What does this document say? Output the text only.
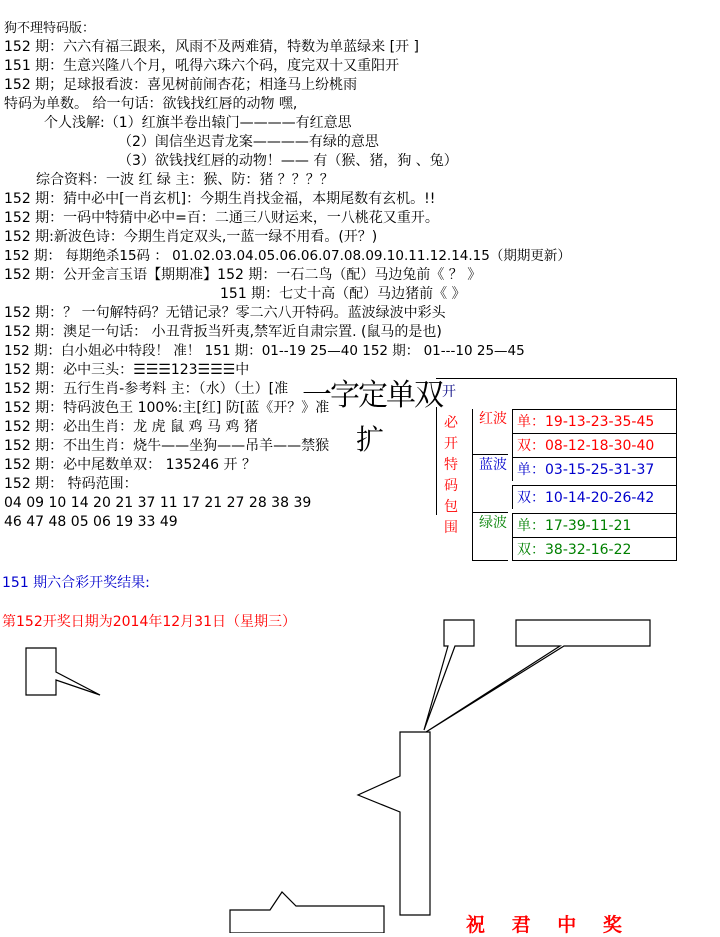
狗不理特码版：
152 期：六六有福三跟来，风雨不及两难猜，特数为单蓝绿来 [开 ]
151 期：生意兴隆八个月，吼得六珠六个码，度完双十又重阳开
152 期；足球报看波：喜见树前闹杏花；相逢马上纷桃雨
特码为单数。 给一句话：欲钱找红唇的动物 嘿,
个人浅解:（1）红旗半卷出辕门————有红意思
（2）闺信坐迟青龙案————有绿的意思
（3）欲钱找红唇的动物！—— 有（猴、猪，狗 、兔）
综合资料：一波 红 绿 主：猴、防：猪 ？？？？
152 期：猜中必中[一肖玄机]：今期生肖找金福，本期尾数有玄机。!!
152 期：一码中特猜中必中=百：二通三八财运来，一八桃花又重开。
152 期:新波色诗：今期生肖定双头,一蓝一绿不用看。(开？)
152 期： 每期绝杀15码 ： 01.02.03.04.05.06.06.07.08.09.10.11.12.14.15（期期更新）
152 期：公开金言玉语【期期准】152 期：一石二鸟（配）马边兔前《 ？ 》
151 期：七丈十高（配）马边猪前《 》
152 期：？ 一句解特码？无错记录？零二六八开特码。蓝波绿波中彩头
152 期：澳足一句话： 小丑背扳当歼夷,禁军近自肃宗置. (鼠马的是也)
152 期：白小姐必中特段！ 准！ 151 期：01--19 25—40 152 期： 01---10 25—45
152 期：必中三头：☰☰☰123☰☰☰中
152 期：五行生肖-参考料 主：（水）（土）[准
152 期：特码波色王 100%:主[红] 防[蓝《开？》准
152 期：必出生肖：龙 虎 鼠 鸡 马 鸡 猪
152 期：不出生肖：烧牛——坐狗——吊羊——禁猴
152 期：必中尾数单双： 135246 开 ？
152 期： 特码范围：
04 09 10 14 20 21 37 11 17 21 27 28 38 39
46 47 48 05 06 19 33 49
一字定单双
扩
开
必开特码包围
红波
蓝波
绿波
单：19-13-23-35-45
双：08-12-18-30-40
单：03-15-25-31-37
双：10-14-20-26-42
单：17-39-11-21
双：38-32-16-22
151 期六合彩开奖结果:
第152开奖日期为2014年12月31日（星期三）
祝 君 中 奖
